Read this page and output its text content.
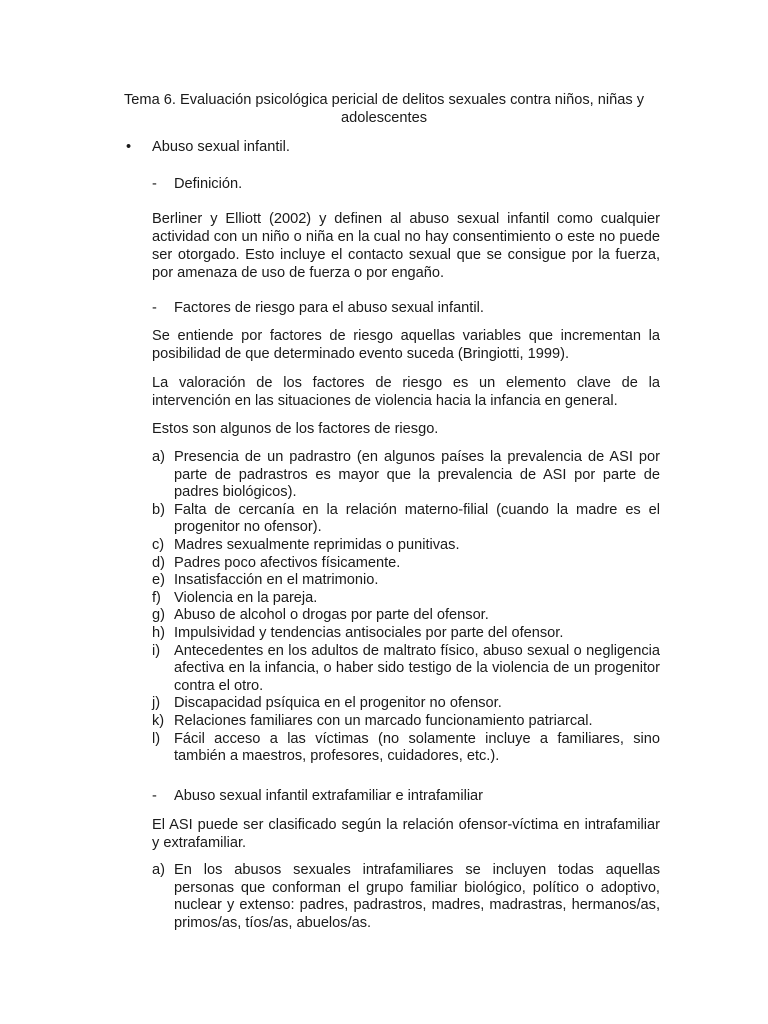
Tema 6. Evaluación psicológica pericial de delitos sexuales contra niños, niñas y adolescentes
•	Abuso sexual infantil.
- Definición.
Berliner y Elliott (2002) y definen al abuso sexual infantil como cualquier actividad con un niño o niña en la cual no hay consentimiento o este no puede ser otorgado. Esto incluye el contacto sexual que se consigue por la fuerza, por amenaza de uso de fuerza o por engaño.
- Factores de riesgo para el abuso sexual infantil.
Se entiende por factores de riesgo aquellas variables que incrementan la posibilidad de que determinado evento suceda (Bringiotti, 1999).
La valoración de los factores de riesgo es un elemento clave de la intervención en las situaciones de violencia hacia la infancia en general.
Estos son algunos de los factores de riesgo.
a) Presencia de un padrastro (en algunos países la prevalencia de ASI por parte de padrastros es mayor que la prevalencia de ASI por parte de padres biológicos).
b) Falta de cercanía en la relación materno-filial (cuando la madre es el progenitor no ofensor).
c) Madres sexualmente reprimidas o punitivas.
d) Padres poco afectivos físicamente.
e) Insatisfacción en el matrimonio.
f) Violencia en la pareja.
g) Abuso de alcohol o drogas por parte del ofensor.
h) Impulsividad y tendencias antisociales por parte del ofensor.
i) Antecedentes en los adultos de maltrato físico, abuso sexual o negligencia afectiva en la infancia, o haber sido testigo de la violencia de un progenitor contra el otro.
j) Discapacidad psíquica en el progenitor no ofensor.
k) Relaciones familiares con un marcado funcionamiento patriarcal.
l) Fácil acceso a las víctimas (no solamente incluye a familiares, sino también a maestros, profesores, cuidadores, etc.).
- Abuso sexual infantil extrafamiliar e intrafamiliar
El ASI puede ser clasificado según la relación ofensor-víctima en intrafamiliar y extrafamiliar.
a) En los abusos sexuales intrafamiliares se incluyen todas aquellas personas que conforman el grupo familiar biológico, político o adoptivo, nuclear y extenso: padres, padrastros, madres, madrastras, hermanos/as, primos/as, tíos/as, abuelos/as.
